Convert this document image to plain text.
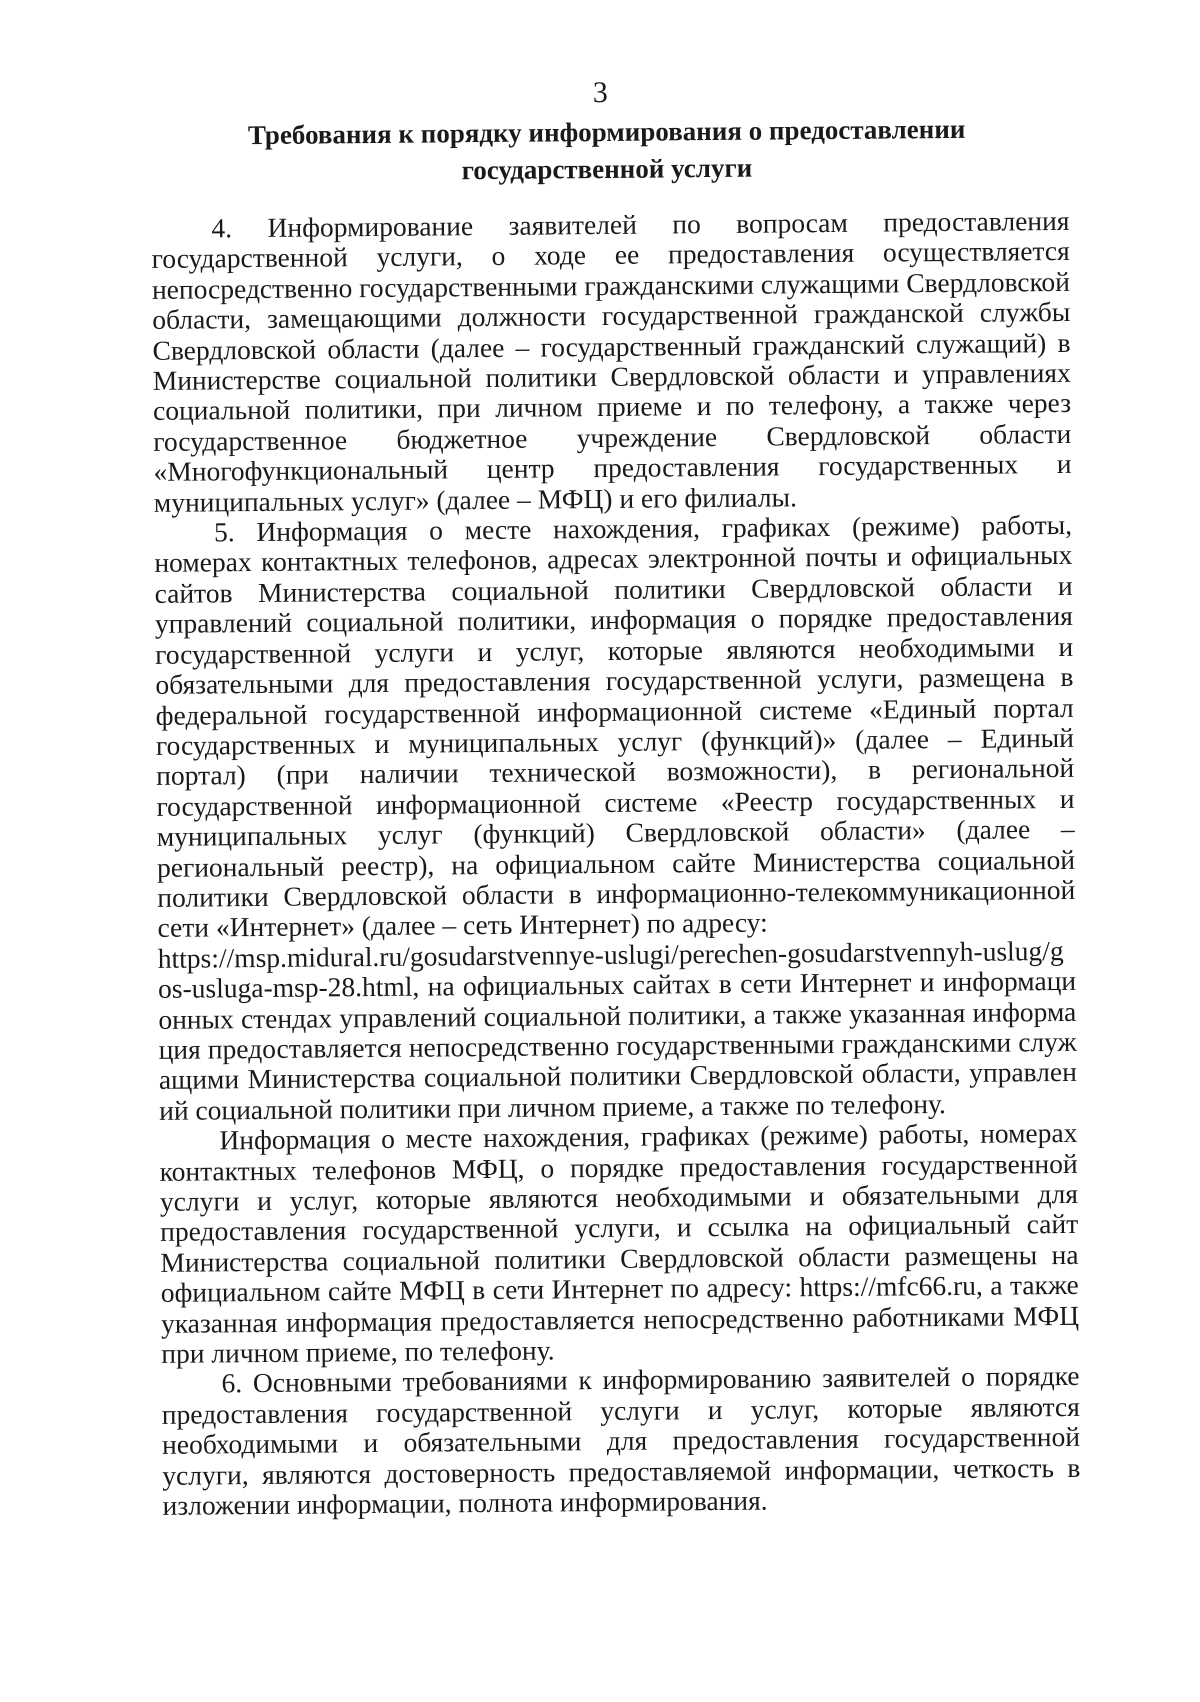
3
Требования к порядку информирования о предоставлении государственной услуги

4. Информирование заявителей по вопросам предоставления государственной услуги, о ходе ее предоставления осуществляется непосредственно государственными гражданскими служащими Свердловской области, замещающими должности государственной гражданской службы Свердловской области (далее – государственный гражданский служащий) в Министерстве социальной политики Свердловской области и управлениях социальной политики, при личном приеме и по телефону, а также через государственное бюджетное учреждение Свердловской области «Многофункциональный центр предоставления государственных и муниципальных услуг» (далее – МФЦ) и его филиалы.

5. Информация о месте нахождения, графиках (режиме) работы, номерах контактных телефонов, адресах электронной почты и официальных сайтов Министерства социальной политики Свердловской области и управлений социальной политики, информация о порядке предоставления государственной услуги и услуг, которые являются необходимыми и обязательными для предоставления государственной услуги, размещена в федеральной государственной информационной системе «Единый портал государственных и муниципальных услуг (функций)» (далее – Единый портал) (при наличии технической возможности), в региональной государственной информационной системе «Реестр государственных и муниципальных услуг (функций) Свердловской области» (далее – региональный реестр), на официальном сайте Министерства социальной политики Свердловской области в информационно-телекоммуникационной сети «Интернет» (далее – сеть Интернет) по адресу:

https://msp.midural.ru/gosudarstvennye-uslugi/perechen-gosudarstvennyh-uslug/gos-usluga-msp-28.html, на официальных сайтах в сети Интернет и информационных стендах управлений социальной политики, а также указанная информация предоставляется непосредственно государственными гражданскими служащими Министерства социальной политики Свердловской области, управлений социальной политики при личном приеме, а также по телефону.

Информация о месте нахождения, графиках (режиме) работы, номерах контактных телефонов МФЦ, о порядке предоставления государственной услуги и услуг, которые являются необходимыми и обязательными для предоставления государственной услуги, и ссылка на официальный сайт Министерства социальной политики Свердловской области размещены на официальном сайте МФЦ в сети Интернет по адресу: https://mfc66.ru, а также указанная информация предоставляется непосредственно работниками МФЦ при личном приеме, по телефону.

6. Основными требованиями к информированию заявителей о порядке предоставления государственной услуги и услуг, которые являются необходимыми и обязательными для предоставления государственной услуги, являются достоверность предоставляемой информации, четкость в изложении информации, полнота информирования.
